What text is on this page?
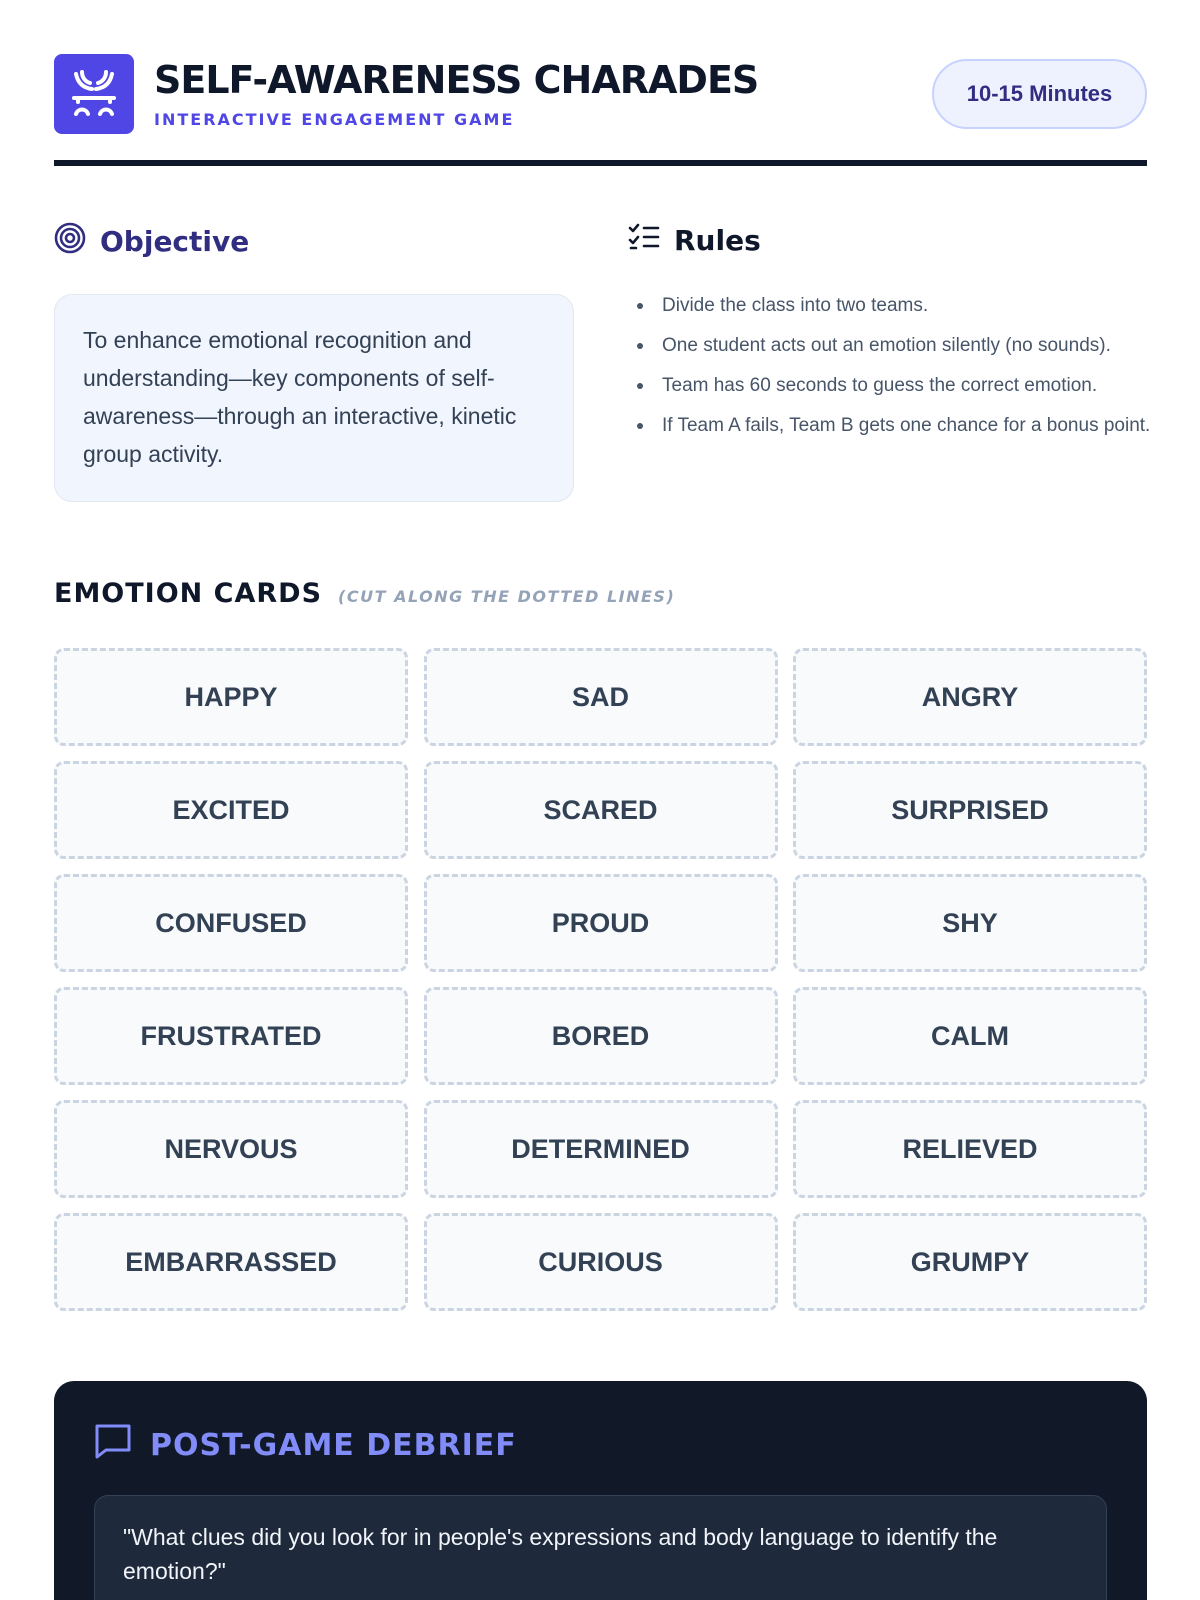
SELF-AWARENESS CHARADES
INTERACTIVE ENGAGEMENT GAME
10-15 Minutes
Objective
To enhance emotional recognition and understanding—key components of self-awareness—through an interactive, kinetic group activity.
Rules
Divide the class into two teams.
One student acts out an emotion silently (no sounds).
Team has 60 seconds to guess the correct emotion.
If Team A fails, Team B gets one chance for a bonus point.
EMOTION CARDS (CUT ALONG THE DOTTED LINES)
HAPPY	SAD	ANGRY
EXCITED	SCARED	SURPRISED
CONFUSED	PROUD	SHY
FRUSTRATED	BORED	CALM
NERVOUS	DETERMINED	RELIEVED
EMBARRASSED	CURIOUS	GRUMPY
POST-GAME DEBRIEF
"What clues did you look for in people's expressions and body language to identify the emotion?"
